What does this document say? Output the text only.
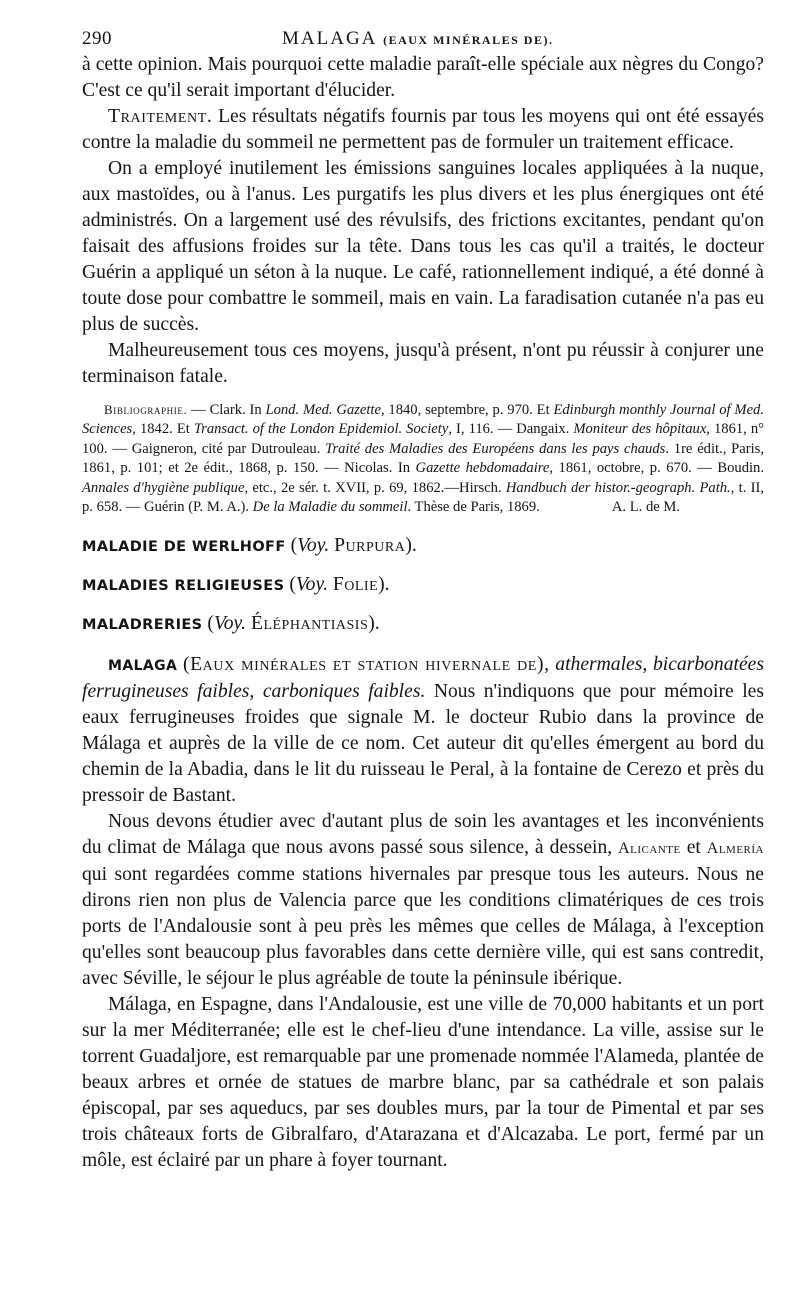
290	MALAGA (EAUX MINÉRALES DE).

à cette opinion. Mais pourquoi cette maladie paraît-elle spéciale aux nègres du Congo? C'est ce qu'il serait important d'élucider.

Traitement. Les résultats négatifs fournis par tous les moyens qui ont été essayés contre la maladie du sommeil ne permettent pas de formuler un traitement efficace.

On a employé inutilement les émissions sanguines locales appliquées à la nuque, aux mastoïdes, ou à l'anus. Les purgatifs les plus divers et les plus énergiques ont été administrés. On a largement usé des révulsifs, des frictions excitantes, pendant qu'on faisait des affusions froides sur la tête. Dans tous les cas qu'il a traités, le docteur Guérin a appliqué un séton à la nuque. Le café, rationnellement indiqué, a été donné à toute dose pour combattre le sommeil, mais en vain. La faradisation cutanée n'a pas eu plus de succès.

Malheureusement tous ces moyens, jusqu'à présent, n'ont pu réussir à conjurer une terminaison fatale.

Bibliographie. — Clark. In Lond. Med. Gazette, 1840, septembre, p. 970. Et Edinburgh monthly Journal of Med. Sciences, 1842. Et Transact. of the London Epidemiol. Society, I, 116. — Dangaix. Moniteur des hôpitaux, 1861, n° 100. — Gaigneron, cité par Dutrouleau. Traité des Maladies des Européens dans les pays chauds. 1re édit., Paris, 1861, p. 101; et 2e édit., 1868, p. 150. — Nicolas. In Gazette hebdomadaire, 1861, octobre, p. 670. — Boudin. Annales d'hygiène publique, etc., 2e sér. t. XVII, p. 69, 1862.—Hirsch. Handbuch der histor.-geograph. Path., t. II, p. 658. — Guérin (P. M. A.). De la Maladie du sommeil. Thèse de Paris, 1869.	A. L. de M.

MALADIE DE WERLHOFF (Voy. Purpura).

MALADIES RELIGIEUSES (Voy. Folie).

MALADRERIES (Voy. Éléphantiasis).

MALAGA (Eaux minérales et station hivernale de), athermales, bicarbonatées ferrugineuses faibles, carboniques faibles. Nous n'indiquons que pour mémoire les eaux ferrugineuses froides que signale M. le docteur Rubio dans la province de Málaga et auprès de la ville de ce nom. Cet auteur dit qu'elles émergent au bord du chemin de la Abadia, dans le lit du ruisseau le Peral, à la fontaine de Cerezo et près du pressoir de Bastant.

Nous devons étudier avec d'autant plus de soin les avantages et les inconvénients du climat de Málaga que nous avons passé sous silence, à dessein, Alicante et Almería qui sont regardées comme stations hivernales par presque tous les auteurs. Nous ne dirons rien non plus de Valencia parce que les conditions climatériques de ces trois ports de l'Andalousie sont à peu près les mêmes que celles de Málaga, à l'exception qu'elles sont beaucoup plus favorables dans cette dernière ville, qui est sans contredit, avec Séville, le séjour le plus agréable de toute la péninsule ibérique.

Málaga, en Espagne, dans l'Andalousie, est une ville de 70,000 habitants et un port sur la mer Méditerranée; elle est le chef-lieu d'une intendance. La ville, assise sur le torrent Guadaljore, est remarquable par une promenade nommée l'Alameda, plantée de beaux arbres et ornée de statues de marbre blanc, par sa cathédrale et son palais épiscopal, par ses aqueducs, par ses doubles murs, par la tour de Pimental et par ses trois châteaux forts de Gibralfaro, d'Atarazana et d'Alcazaba. Le port, fermé par un môle, est éclairé par un phare à foyer tournant.
